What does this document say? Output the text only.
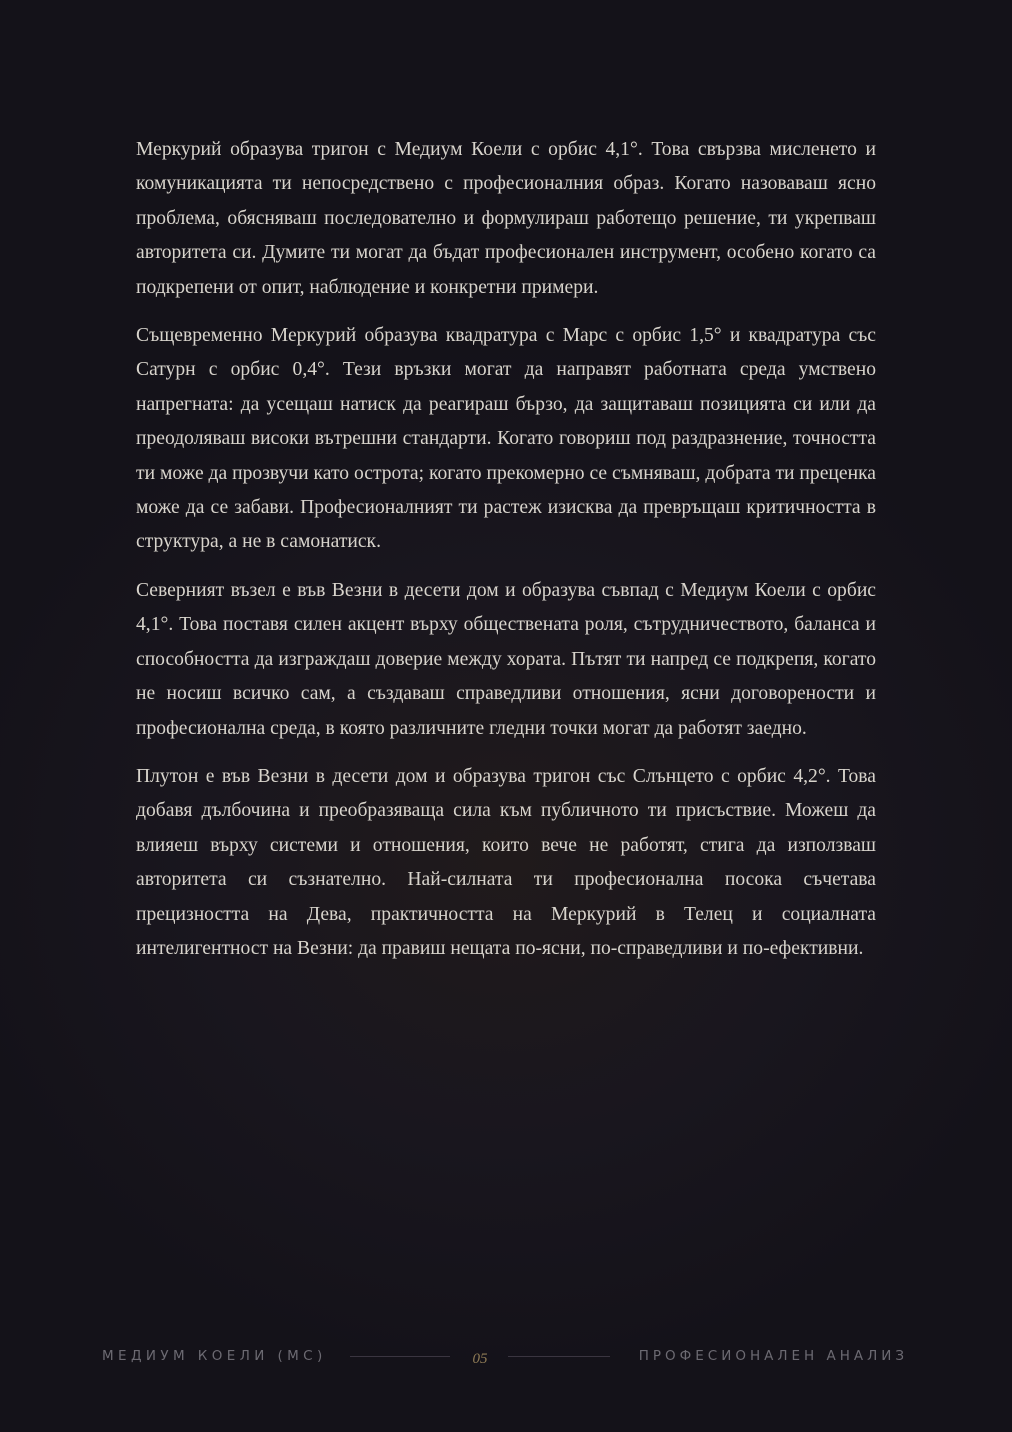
Меркурий образува тригон с Медиум Коели с орбис 4,1°. Това свързва мисленето и комуникацията ти непосредствено с професионалния образ. Когато назоваваш ясно проблема, обясняваш последователно и формулираш работещо решение, ти укрепваш авторитета си. Думите ти могат да бъдат професионален инструмент, особено когато са подкрепени от опит, наблюдение и конкретни примери.

Същевременно Меркурий образува квадратура с Марс с орбис 1,5° и квадратура със Сатурн с орбис 0,4°. Тези връзки могат да направят работната среда умствено напрегната: да усещаш натиск да реагираш бързо, да защитаваш позицията си или да преодоляваш високи вътрешни стандарти. Когато говориш под раздразнение, точността ти може да прозвучи като острота; когато прекомерно се съмняваш, добрата ти преценка може да се забави. Професионалният ти растеж изисква да превръщаш критичността в структура, а не в самонатиск.

Северният възел е във Везни в десети дом и образува съвпад с Медиум Коели с орбис 4,1°. Това поставя силен акцент върху обществената роля, сътрудничеството, баланса и способността да изграждаш доверие между хората. Пътят ти напред се подкрепя, когато не носиш всичко сам, а създаваш справедливи отношения, ясни договорености и професионална среда, в която различните гледни точки могат да работят заедно.

Плутон е във Везни в десети дом и образува тригон със Слънцето с орбис 4,2°. Това добавя дълбочина и преобразяваща сила към публичното ти присъствие. Можеш да влияеш върху системи и отношения, които вече не работят, стига да използваш авторитета си съзнателно. Най-силната ти професионална посока съчетава прецизността на Дева, практичността на Меркурий в Телец и социалната интелигентност на Везни: да правиш нещата по-ясни, по-справедливи и по-ефективни.

МЕДИУМ КОЕЛИ (MC)	05	ПРОФЕСИОНАЛЕН АНАЛИЗ
